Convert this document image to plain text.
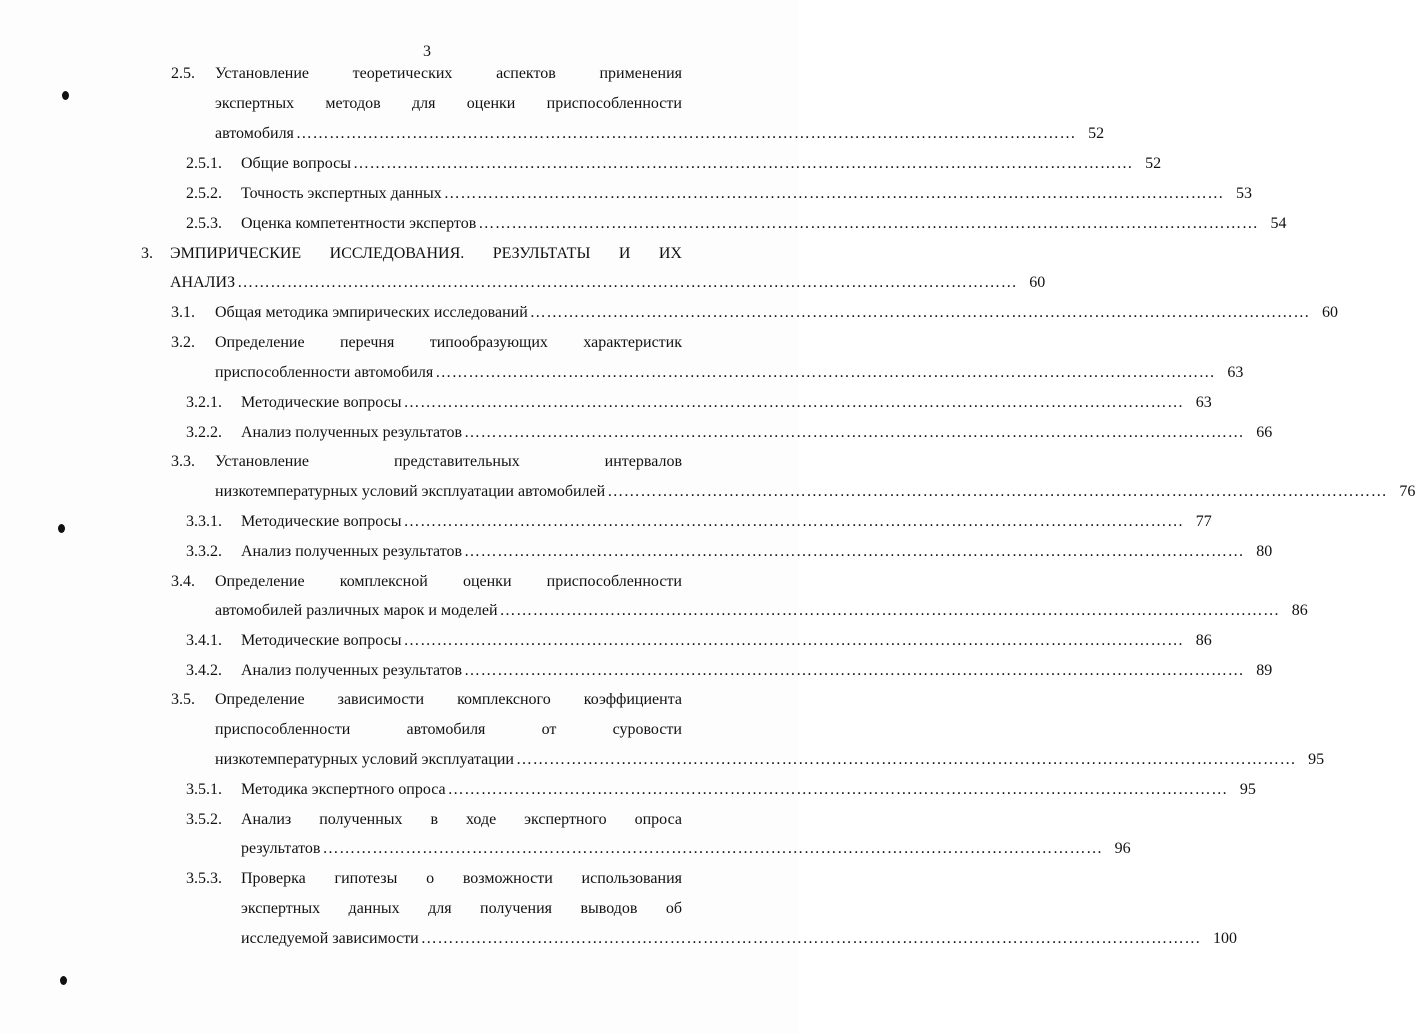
3
2.5. Установление	теоретических	аспектов	применения
экспертных методов для оценки приспособленности
автомобиля …………………………………………………………………………………………………………………………… 52
2.5.1. Общие вопросы …………………………………………………………………………………………………………………………… 52
2.5.2. Точность экспертных данных …………………………………………………………………………………………………………………………… 53
2.5.3. Оценка компетентности экспертов …………………………………………………………………………………………………………………………… 54
3. ЭМПИРИЧЕСКИЕ ИССЛЕДОВАНИЯ. РЕЗУЛЬТАТЫ И ИХ
АНАЛИЗ …………………………………………………………………………………………………………………………… 60
3.1. Общая методика эмпирических исследований …………………………………………………………………………………………………………………………… 60
3.2. Определение перечня типообразующих характеристик
приспособленности автомобиля …………………………………………………………………………………………………………………………… 63
3.2.1. Методические вопросы …………………………………………………………………………………………………………………………… 63
3.2.2. Анализ полученных результатов …………………………………………………………………………………………………………………………… 66
3.3. Установление	представительных	интервалов
низкотемпературных условий эксплуатации автомобилей …………………………………………………………………………………………………………………………… 76
3.3.1. Методические вопросы …………………………………………………………………………………………………………………………… 77
3.3.2. Анализ полученных результатов …………………………………………………………………………………………………………………………… 80
3.4. Определение комплексной оценки приспособленности
автомобилей различных марок и моделей …………………………………………………………………………………………………………………………… 86
3.4.1. Методические вопросы …………………………………………………………………………………………………………………………… 86
3.4.2. Анализ полученных результатов …………………………………………………………………………………………………………………………… 89
3.5. Определение зависимости комплексного коэффициента
приспособленности	автомобиля	от	суровости
низкотемпературных условий эксплуатации …………………………………………………………………………………………………………………………… 95
3.5.1. Методика экспертного опроса …………………………………………………………………………………………………………………………… 95
3.5.2. Анализ полученных в ходе экспертного опроса
результатов …………………………………………………………………………………………………………………………… 96
3.5.3. Проверка гипотезы о возможности использования
экспертных данных для получения выводов об
исследуемой зависимости …………………………………………………………………………………………………………………………… 100
